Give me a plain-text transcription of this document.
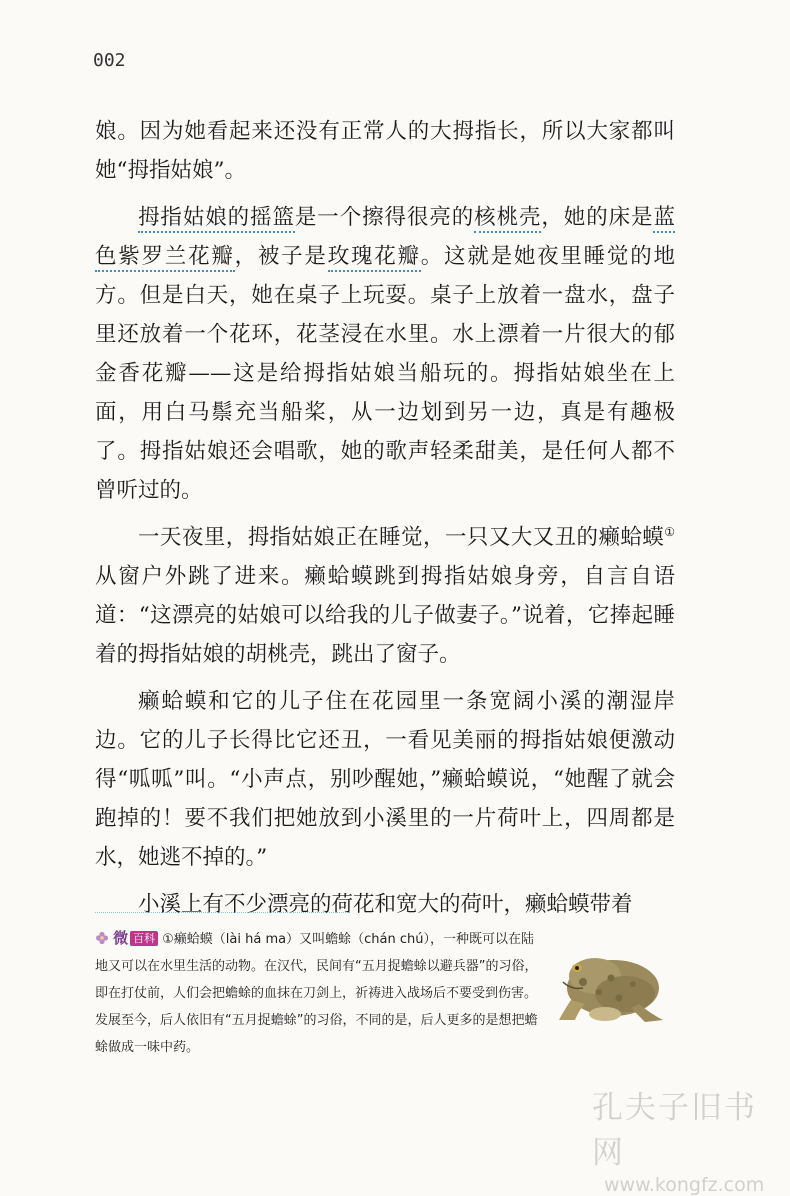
002

娘。因为她看起来还没有正常人的大拇指长，所以大家都叫她“拇指姑娘”。

拇指姑娘的摇篮是一个擦得很亮的核桃壳，她的床是蓝色紫罗兰花瓣，被子是玫瑰花瓣。这就是她夜里睡觉的地方。但是白天，她在桌子上玩耍。桌子上放着一盘水，盘子里还放着一个花环，花茎浸在水里。水上漂着一片很大的郁金香花瓣——这是给拇指姑娘当船玩的。拇指姑娘坐在上面，用白马鬃充当船桨，从一边划到另一边，真是有趣极了。拇指姑娘还会唱歌，她的歌声轻柔甜美，是任何人都不曾听过的。

一天夜里，拇指姑娘正在睡觉，一只又大又丑的癞蛤蟆①从窗户外跳了进来。癞蛤蟆跳到拇指姑娘身旁，自言自语道：“这漂亮的姑娘可以给我的儿子做妻子。”说着，它捧起睡着的拇指姑娘的胡桃壳，跳出了窗子。

癞蛤蟆和它的儿子住在花园里一条宽阔小溪的潮湿岸边。它的儿子长得比它还丑，一看见美丽的拇指姑娘便激动得“呱呱”叫。“小声点，别吵醒她，”癞蛤蟆说，“她醒了就会跑掉的！要不我们把她放到小溪里的一片荷叶上，四周都是水，她逃不掉的。”

小溪上有不少漂亮的荷花和宽大的荷叶，癞蛤蟆带着

微 百科 ①癞蛤蟆（lài há ma）又叫蟾蜍（chán chú），一种既可以在陆地又可以在水里生活的动物。在汉代，民间有“五月捉蟾蜍以避兵器”的习俗，即在打仗前，人们会把蟾蜍的血抹在刀剑上，祈祷进入战场后不要受到伤害。发展至今，后人依旧有“五月捉蟾蜍”的习俗，不同的是，后人更多的是想把蟾蜍做成一味中药。
孔夫子旧书网
www.kongfz.com
